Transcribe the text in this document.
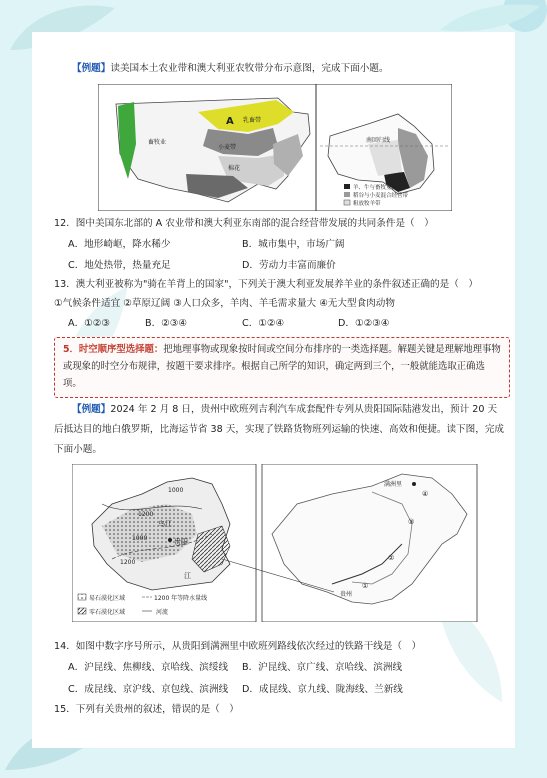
【例题】读美国本土农业带和澳大利亚农牧带分布示意图，完成下面小题。
A 乳畜带
畜牧业
小麦带
棉花
南回归线
羊、牛与畜牧业混合
稻谷与小麦混合经营带
粗放牧羊带
12．图中美国东北部的 A 农业带和澳大利亚东南部的混合经营带发展的共同条件是（　）
A．地形崎岖，降水稀少	B．城市集中，市场广阔
C．地处热带，热量充足	D．劳动力丰富而廉价
13．澳大利亚被称为"骑在羊背上的国家"，下列关于澳大利亚发展养羊业的条件叙述正确的是（　）
①气候条件适宜 ②草原辽阔 ③人口众多，羊肉、羊毛需求量大 ④无大型食肉动物
A．①②③	B．②③④	C．①②④	D．①②③④
5．时空顺序型选择题：把地理事物或现象按时间或空间分布排序的一类选择题。解题关键是理解地理事物或现象的时空分布规律，按题干要求排序。根据自己所学的知识，确定两到三个，一般就能选取正确选项。
【例题】2024 年 2 月 8 日，贵州中欧班列吉利汽车成套配件专列从贵阳国际陆港发出，预计 20 天后抵达目的地白俄罗斯，比海运节省 38 天，实现了铁路货物班列运输的快速、高效和便捷。读下图，完成下面小题。
1200
1000
1200
1000
贵阳
乌江
江
易石漠化区域	1200 年等降水量线
零石漠化区域	河流
满洲里
贵州
①
②
③
④
14．如图中数字序号所示，从贵阳到满洲里中欧班列路线依次经过的铁路干线是（　）
A．沪昆线、焦柳线、京哈线、滨绥线 B．沪昆线、京广线、京哈线、滨洲线
C．成昆线、京沪线、京包线、滨洲线 D．成昆线、京九线、陇海线、兰新线
15．下列有关贵州的叙述，错误的是（　）
